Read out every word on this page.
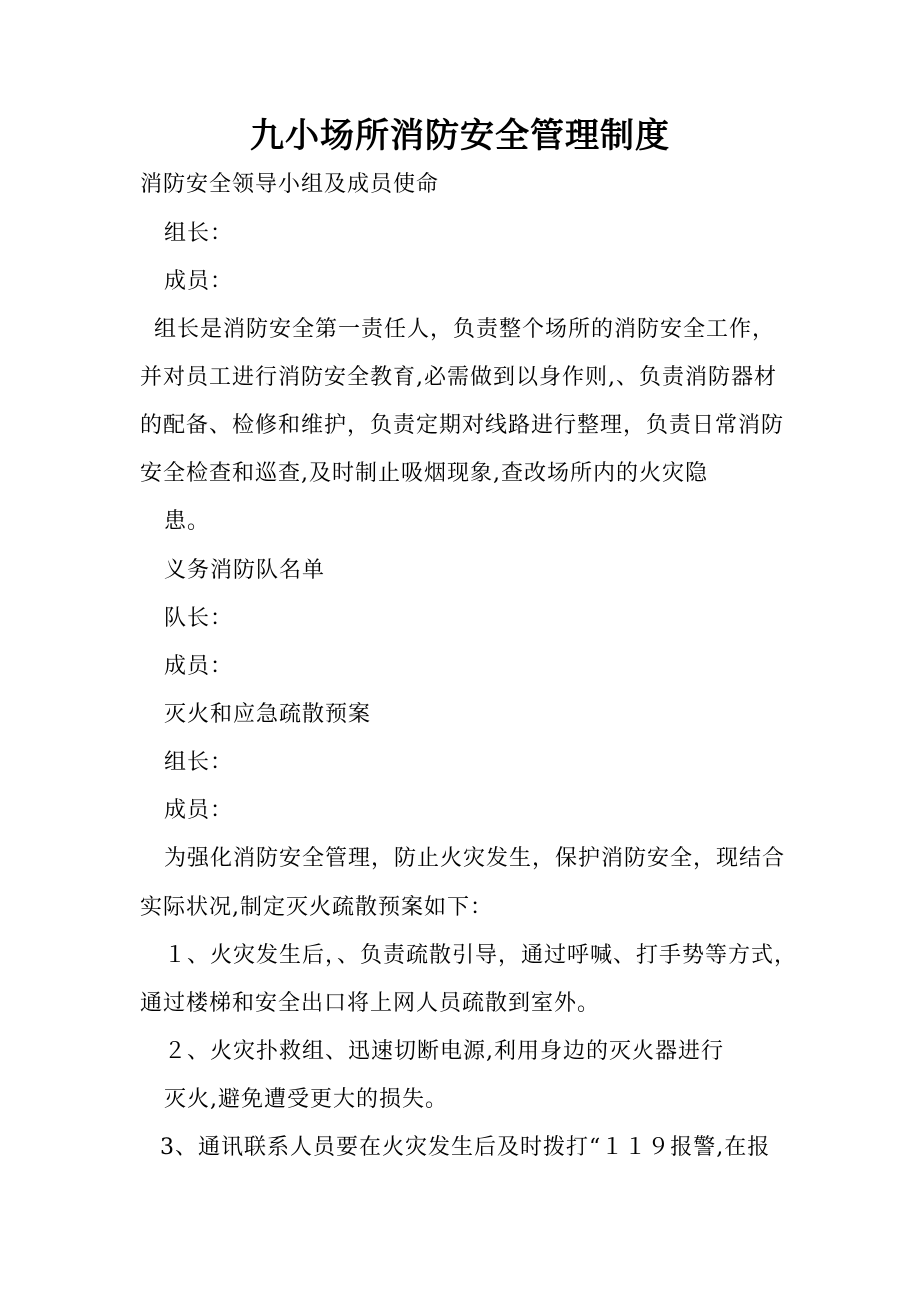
九小场所消防安全管理制度
消防安全领导小组及成员使命
组长：
成员：
组长是消防安全第一责任人，负责整个场所的消防安全工作，
并对员工进行消防安全教育,必需做到以身作则,、负责消防器材
的配备、检修和维护，负责定期对线路进行整理，负责日常消防
安全检查和巡查,及时制止吸烟现象,查改场所内的火灾隐
患。
义务消防队名单
队长：
成员：
灭火和应急疏散预案
组长：
成员：
为强化消防安全管理，防止火灾发生，保护消防安全，现结合
实际状况,制定灭火疏散预案如下：
１、火灾发生后，、负责疏散引导，通过呼喊、打手势等方式，
通过楼梯和安全出口将上网人员疏散到室外。
２、火灾扑救组、迅速切断电源,利用身边的灭火器进行
灭火,避免遭受更大的损失。
3、通讯联系人员要在火灾发生后及时拨打“１１９报警,在报
